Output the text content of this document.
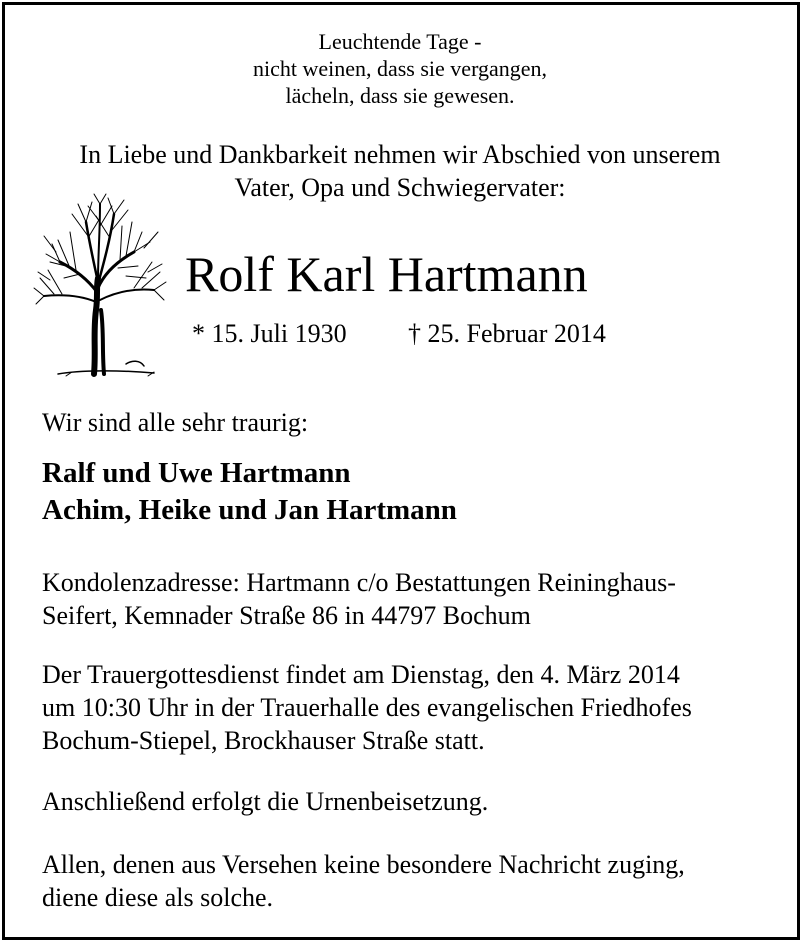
Leuchtende Tage -
nicht weinen, dass sie vergangen,
lächeln, dass sie gewesen.
In Liebe und Dankbarkeit nehmen wir Abschied von unserem
Vater, Opa und Schwiegervater:
Rolf Karl Hartmann
* 15. Juli 1930 † 25. Februar 2014
Wir sind alle sehr traurig:
Ralf und Uwe Hartmann
Achim, Heike und Jan Hartmann
Kondolenzadresse: Hartmann c/o Bestattungen Reininghaus-
Seifert, Kemnader Straße 86 in 44797 Bochum
Der Trauergottesdienst findet am Dienstag, den 4. März 2014
um 10:30 Uhr in der Trauerhalle des evangelischen Friedhofes
Bochum-Stiepel, Brockhauser Straße statt.
Anschließend erfolgt die Urnenbeisetzung.
Allen, denen aus Versehen keine besondere Nachricht zuging,
diene diese als solche.
